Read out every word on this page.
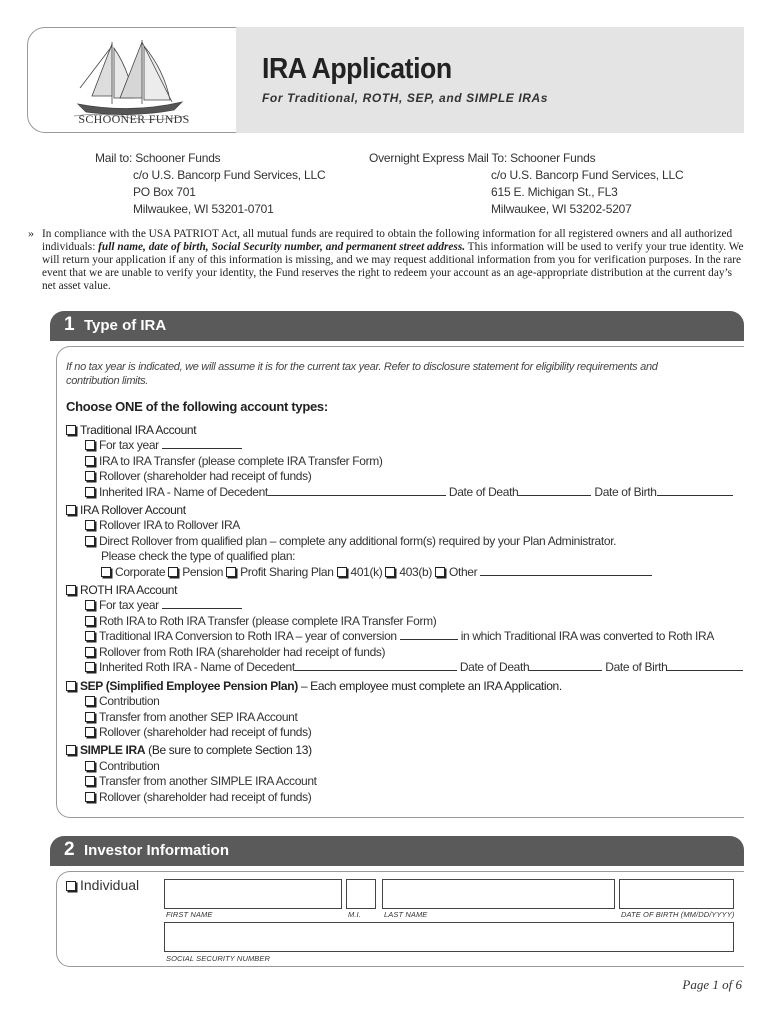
SCHOONER FUNDS
IRA Application
For Traditional, ROTH, SEP, and SIMPLE IRAs
Mail to: Schooner Funds
c/o U.S. Bancorp Fund Services, LLC
PO Box 701
Milwaukee, WI 53201-0701
Overnight Express Mail To: Schooner Funds
c/o U.S. Bancorp Fund Services, LLC
615 E. Michigan St., FL3
Milwaukee, WI 53202-5207
» In compliance with the USA PATRIOT Act, all mutual funds are required to obtain the following information for all registered owners and all authorized individuals: full name, date of birth, Social Security number, and permanent street address. This information will be used to verify your true identity. We will return your application if any of this information is missing, and we may request additional information from you for verification purposes. In the rare event that we are unable to verify your identity, the Fund reserves the right to redeem your account as an age-appropriate distribution at the current day’s net asset value.

1 Type of IRA
If no tax year is indicated, we will assume it is for the current tax year. Refer to disclosure statement for eligibility requirements and contribution limits.
Choose ONE of the following account types:
Traditional IRA Account
For tax year
IRA to IRA Transfer (please complete IRA Transfer Form)
Rollover (shareholder had receipt of funds)
Inherited IRA - Name of Decedent	Date of Death	Date of Birth
IRA Rollover Account
Rollover IRA to Rollover IRA
Direct Rollover from qualified plan – complete any additional form(s) required by your Plan Administrator.
Please check the type of qualified plan:
Corporate Pension Profit Sharing Plan 401(k) 403(b) Other
ROTH IRA Account
For tax year
Roth IRA to Roth IRA Transfer (please complete IRA Transfer Form)
Traditional IRA Conversion to Roth IRA – year of conversion	in which Traditional IRA was converted to Roth IRA
Rollover from Roth IRA (shareholder had receipt of funds)
Inherited Roth IRA - Name of Decedent	Date of Death	Date of Birth
SEP (Simplified Employee Pension Plan) – Each employee must complete an IRA Application.
Contribution
Transfer from another SEP IRA Account
Rollover (shareholder had receipt of funds)
SIMPLE IRA (Be sure to complete Section 13)
Contribution
Transfer from another SIMPLE IRA Account
Rollover (shareholder had receipt of funds)
2 Investor Information
Individual
FIRST NAME	M.I.	LAST NAME	DATE OF BIRTH (MM/DD/YYYY)
SOCIAL SECURITY NUMBER
Page 1 of 6
